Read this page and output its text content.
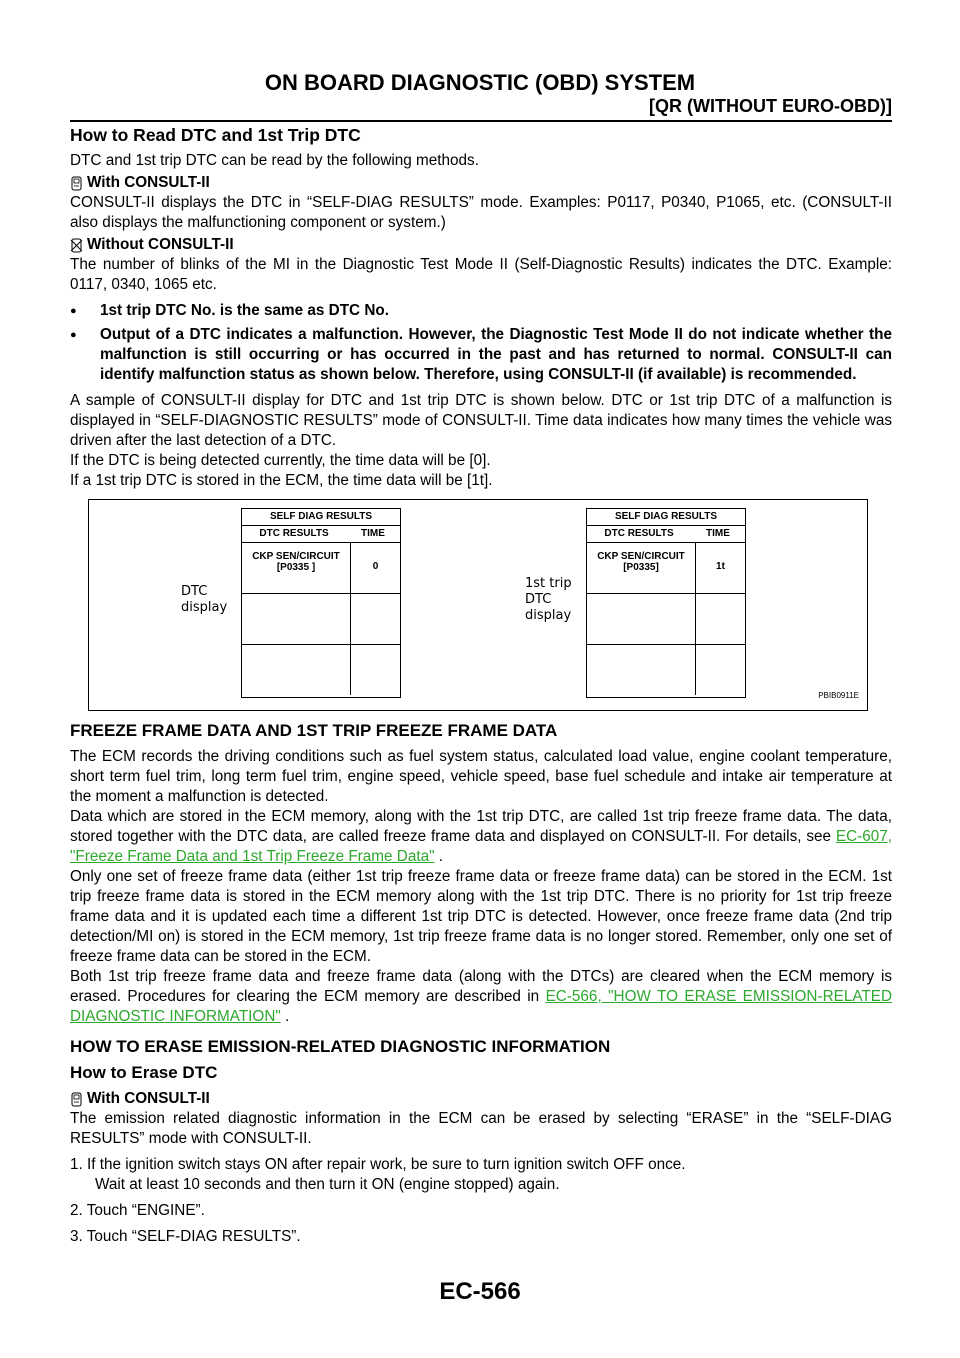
ON BOARD DIAGNOSTIC (OBD) SYSTEM
[QR (WITHOUT EURO-OBD)]
How to Read DTC and 1st Trip DTC

DTC and 1st trip DTC can be read by the following methods.

With CONSULT-II

CONSULT-II displays the DTC in “SELF-DIAG RESULTS” mode. Examples: P0117, P0340, P1065, etc. (CONSULT-II also displays the malfunctioning component or system.)

Without CONSULT-II

The number of blinks of the MI in the Diagnostic Test Mode II (Self-Diagnostic Results) indicates the DTC. Example: 0117, 0340, 1065 etc.

● 1st trip DTC No. is the same as DTC No.
● Output of a DTC indicates a malfunction. However, the Diagnostic Test Mode II do not indicate whether the malfunction is still occurring or has occurred in the past and has returned to normal. CONSULT-II can identify malfunction status as shown below. Therefore, using CONSULT-II (if available) is recommended.

A sample of CONSULT-II display for DTC and 1st trip DTC is shown below. DTC or 1st trip DTC of a malfunction is displayed in “SELF-DIAGNOSTIC RESULTS” mode of CONSULT-II. Time data indicates how many times the vehicle was driven after the last detection of a DTC.

If the DTC is being detected currently, the time data will be [0].

If a 1st trip DTC is stored in the ECM, the time data will be [1t].

DTC
display
SELF DIAG RESULTS
DTC RESULTS	TIME
CKP SEN/CIRCUIT
[P0335 ]	0
1st trip
DTC
display
SELF DIAG RESULTS
DTC RESULTS	TIME
CKP SEN/CIRCUIT
[P0335]	1t
PBIB0911E
FREEZE FRAME DATA AND 1ST TRIP FREEZE FRAME DATA

The ECM records the driving conditions such as fuel system status, calculated load value, engine coolant temperature, short term fuel trim, long term fuel trim, engine speed, vehicle speed, base fuel schedule and intake air temperature at the moment a malfunction is detected.

Data which are stored in the ECM memory, along with the 1st trip DTC, are called 1st trip freeze frame data. The data, stored together with the DTC data, are called freeze frame data and displayed on CONSULT-II. For details, see EC-607, "Freeze Frame Data and 1st Trip Freeze Frame Data" .

Only one set of freeze frame data (either 1st trip freeze frame data or freeze frame data) can be stored in the ECM. 1st trip freeze frame data is stored in the ECM memory along with the 1st trip DTC. There is no priority for 1st trip freeze frame data and it is updated each time a different 1st trip DTC is detected. However, once freeze frame data (2nd trip detection/MI on) is stored in the ECM memory, 1st trip freeze frame data is no longer stored. Remember, only one set of freeze frame data can be stored in the ECM.

Both 1st trip freeze frame data and freeze frame data (along with the DTCs) are cleared when the ECM memory is erased. Procedures for clearing the ECM memory are described in EC-566, "HOW TO ERASE EMISSION-RELATED DIAGNOSTIC INFORMATION" .

HOW TO ERASE EMISSION-RELATED DIAGNOSTIC INFORMATION
How to Erase DTC
With CONSULT-II

The emission related diagnostic information in the ECM can be erased by selecting “ERASE” in the “SELF-DIAG RESULTS” mode with CONSULT-II.

1. If the ignition switch stays ON after repair work, be sure to turn ignition switch OFF once.
Wait at least 10 seconds and then turn it ON (engine stopped) again.
2. Touch “ENGINE”.
3. Touch “SELF-DIAG RESULTS”.
EC-566
